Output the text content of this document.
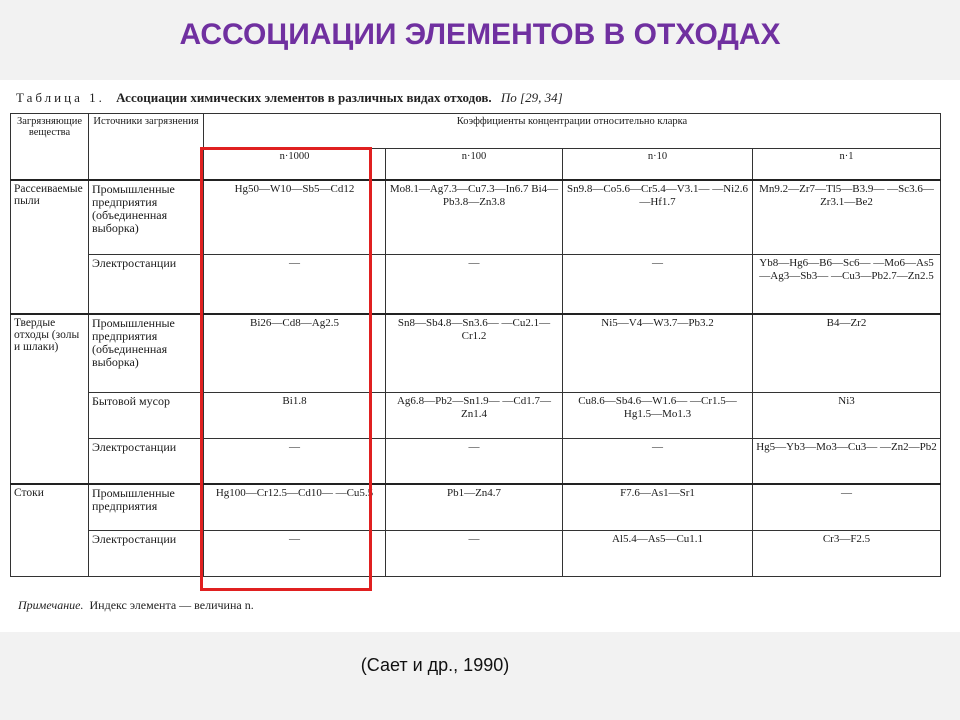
АССОЦИАЦИИ ЭЛЕМЕНТОВ В ОТХОДАХ
Таблица 1. Ассоциации химических элементов в различных видах отходов. По [29, 34]
Загрязняющие вещества	Источники загрязнения	Коэффициенты концентрации относительно кларка			
		n·1000	n·100	n·10	n·1
Рассеиваемые пыли	Промышленные предприятия (объединенная выборка)	Hg50—W10—Sb5—Cd12	Mo8.1—Ag7.3—Cu7.3—In6.7 Bi4—Pb3.8—Zn3.8	Sn9.8—Co5.6—Cr5.4—V3.1— —Ni2.6—Hf1.7	Mn9.2—Zr7—Tl5—B3.9— —Sc3.6—Zr3.1—Be2
	Электростанции	—	—	—	Yb8—Hg6—B6—Sc6— —Mo6—As5—Ag3—Sb3— —Cu3—Pb2.7—Zn2.5
Твердые отходы (золы и шлаки)	Промышленные предприятия (объединенная выборка)	Bi26—Cd8—Ag2.5	Sn8—Sb4.8—Sn3.6— —Cu2.1—Cr1.2	Ni5—V4—W3.7—Pb3.2	B4—Zr2
	Бытовой мусор	Bi1.8	Ag6.8—Pb2—Sn1.9— —Cd1.7—Zn1.4	Cu8.6—Sb4.6—W1.6— —Cr1.5—Hg1.5—Mo1.3	Ni3
	Электростанции	—	—	—	Hg5—Yb3—Mo3—Cu3— —Zn2—Pb2
Стоки	Промышленные предприятия	Hg100—Cr12.5—Cd10— —Cu5.5	Pb1—Zn4.7	F7.6—As1—Sr1	—
	Электростанции	—	—	Al5.4—As5—Cu1.1	Cr3—F2.5
Примечание. Индекс элемента — величина n.
(Сает и др., 1990)
